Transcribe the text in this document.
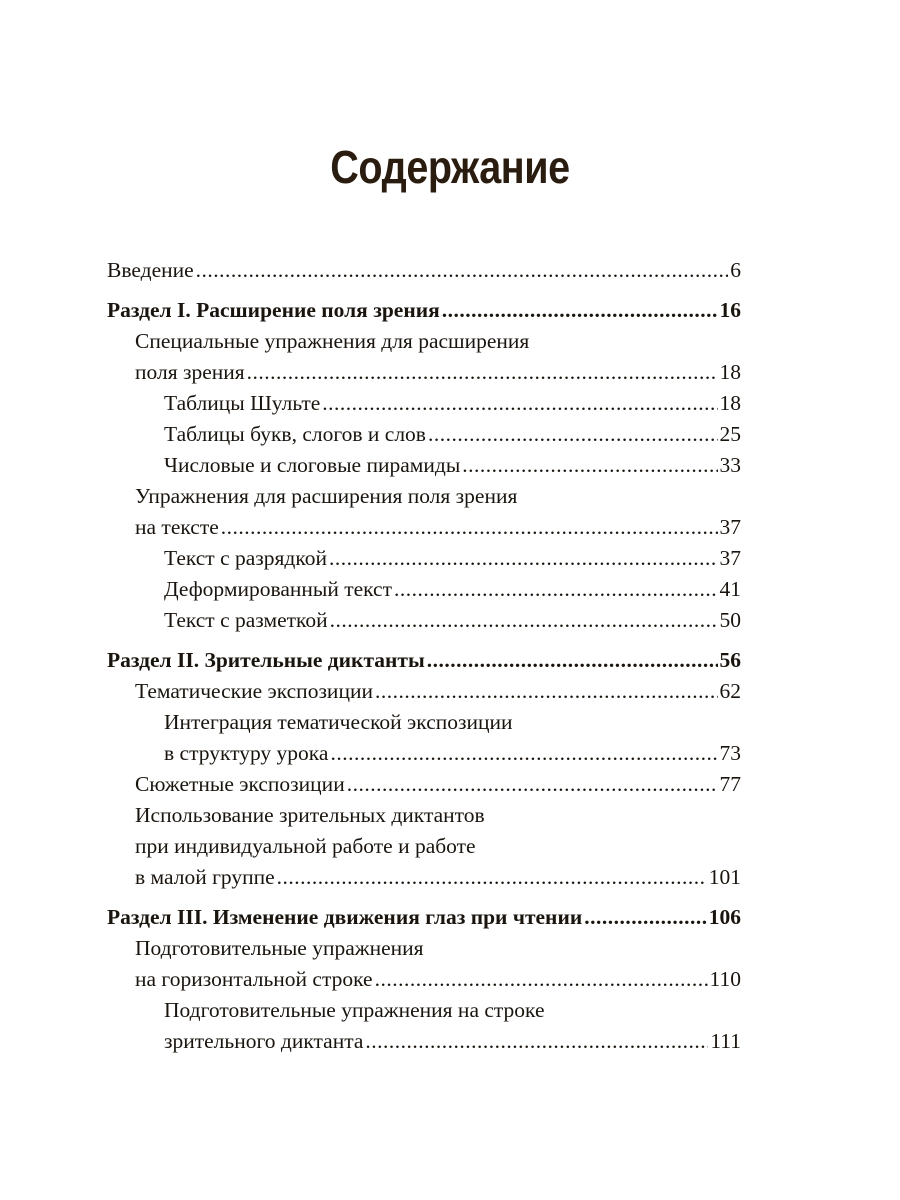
Содержание
Введение .....	6
Раздел I. Расширение поля зрения .....	16
Специальные упражнения для расширения
поля зрения .....	18
Таблицы Шульте .....	18
Таблицы букв, слогов и слов .....	25
Числовые и слоговые пирамиды .....	33
Упражнения для расширения поля зрения
на тексте .....	37
Текст с разрядкой .....	37
Деформированный текст .....	41
Текст с разметкой .....	50
Раздел II. Зрительные диктанты .....	56
Тематические экспозиции .....	62
Интеграция тематической экспозиции
в структуру урока .....	73
Сюжетные экспозиции .....	77
Использование зрительных диктантов
при индивидуальной работе и работе
в малой группе .....	101
Раздел III. Изменение движения глаз при чтении .....	106
Подготовительные упражнения
на горизонтальной строке .....	110
Подготовительные упражнения на строке
зрительного диктанта .....	111
